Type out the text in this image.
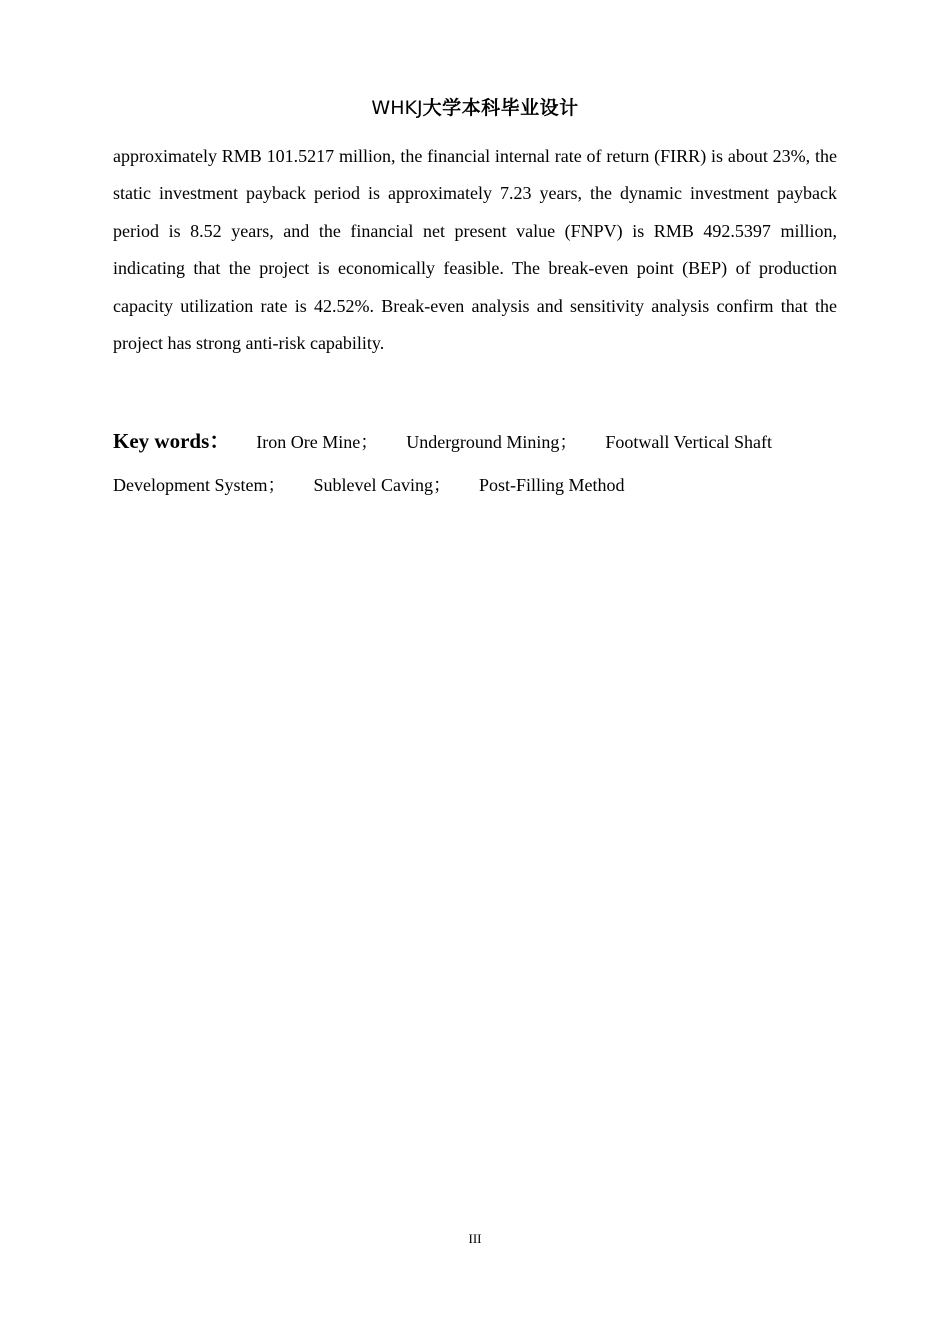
WHKJ大学本科毕业设计

approximately RMB 101.5217 million, the financial internal rate of return (FIRR) is about 23%, the static investment payback period is approximately 7.23 years, the dynamic investment payback period is 8.52 years, and the financial net present value (FNPV) is RMB 492.5397 million, indicating that the project is economically feasible. The break-even point (BEP) of production capacity utilization rate is 42.52%. Break-even analysis and sensitivity analysis confirm that the project has strong anti-risk capability.

Key words： Iron Ore Mine； Underground Mining； Footwall Vertical Shaft
Development System； Sublevel Caving； Post-Filling Method
III
